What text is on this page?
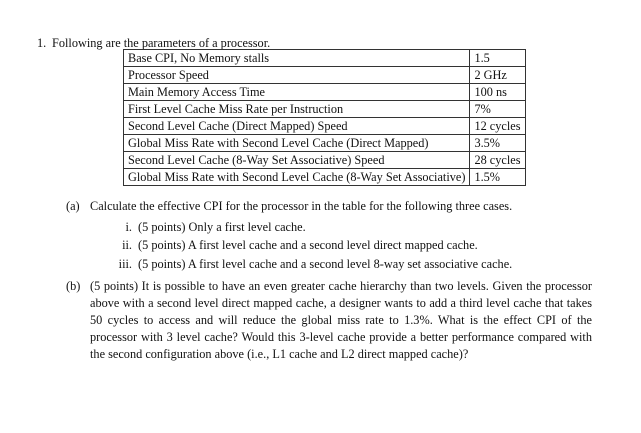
1. Following are the parameters of a processor.
Base CPI, No Memory stalls	1.5
Processor Speed	2 GHz
Main Memory Access Time	100 ns
First Level Cache Miss Rate per Instruction	7%
Second Level Cache (Direct Mapped) Speed	12 cycles
Global Miss Rate with Second Level Cache (Direct Mapped)	3.5%
Second Level Cache (8-Way Set Associative) Speed	28 cycles
Global Miss Rate with Second Level Cache (8-Way Set Associative)	1.5%
(a) Calculate the effective CPI for the processor in the table for the following three cases.
i. (5 points) Only a first level cache.
ii. (5 points) A first level cache and a second level direct mapped cache.
iii. (5 points) A first level cache and a second level 8-way set associative cache.
(b) (5 points) It is possible to have an even greater cache hierarchy than two levels. Given the processor above with a second level direct mapped cache, a designer wants to add a third level cache that takes 50 cycles to access and will reduce the global miss rate to 1.3%. What is the effect CPI of the processor with 3 level cache? Would this 3-level cache provide a better performance compared with the second configuration above (i.e., L1 cache and L2 direct mapped cache)?
